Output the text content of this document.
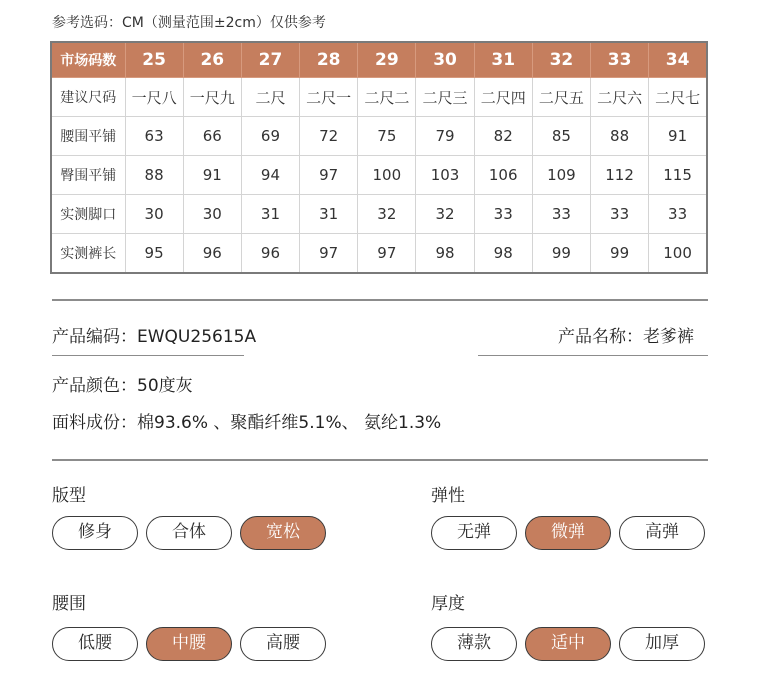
参考选码：CM（测量范围±2cm）仅供参考
市场码数	25	26	27	28	29	30	31	32	33	34
建议尺码	一尺八	一尺九	二尺	二尺一	二尺二	二尺三	二尺四	二尺五	二尺六	二尺七
腰围平铺	63	66	69	72	75	79	82	85	88	91
臀围平铺	88	91	94	97	100	103	106	109	112	115
实测脚口	30	30	31	31	32	32	33	33	33	33
实测裤长	95	96	96	97	97	98	98	99	99	100
产品编码：EWQU25615A	产品名称：老爹裤
产品颜色：50度灰
面料成份：棉93.6% 、聚酯纤维5.1%、 氨纶1.3%
版型
修身	合体	宽松
弹性
无弹	微弹	高弹
腰围
低腰	中腰	高腰
厚度
薄款	适中	加厚
